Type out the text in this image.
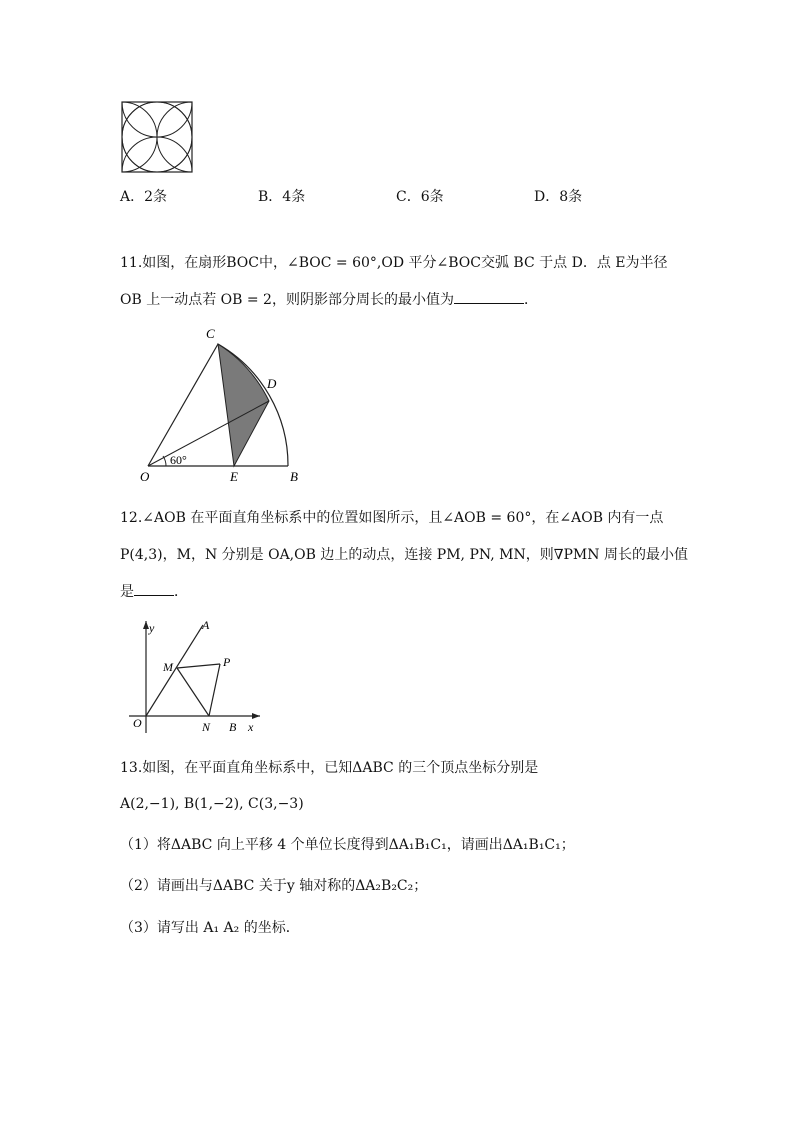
A．2条	B．4条	C．6条	D．8条
11.如图，在扇形BOC中，∠BOC = 60°,OD 平分∠BOC交弧 BC 于点 D．点 E为半径
OB 上一动点若 OB = 2，则阴影部分周长的最小值为	．
C
D
O	E	B
60°
12.∠AOB 在平面直角坐标系中的位置如图所示，且∠AOB = 60°，在∠AOB 内有一点
P(4,3)，M，N 分别是 OA,OB 边上的动点，连接 PM, PN, MN，则∇PMN 周长的最小值
是	．
y	A
M	P
O	N B x
13.如图，在平面直角坐标系中，已知ΔABC 的三个顶点坐标分别是
A(2,−1), B(1,−2), C(3,−3)
（1）将ΔABC 向上平移 4 个单位长度得到ΔA₁B₁C₁，请画出ΔA₁B₁C₁；
（2）请画出与ΔABC 关于y 轴对称的ΔA₂B₂C₂；
（3）请写出 A₁ A₂ 的坐标．
